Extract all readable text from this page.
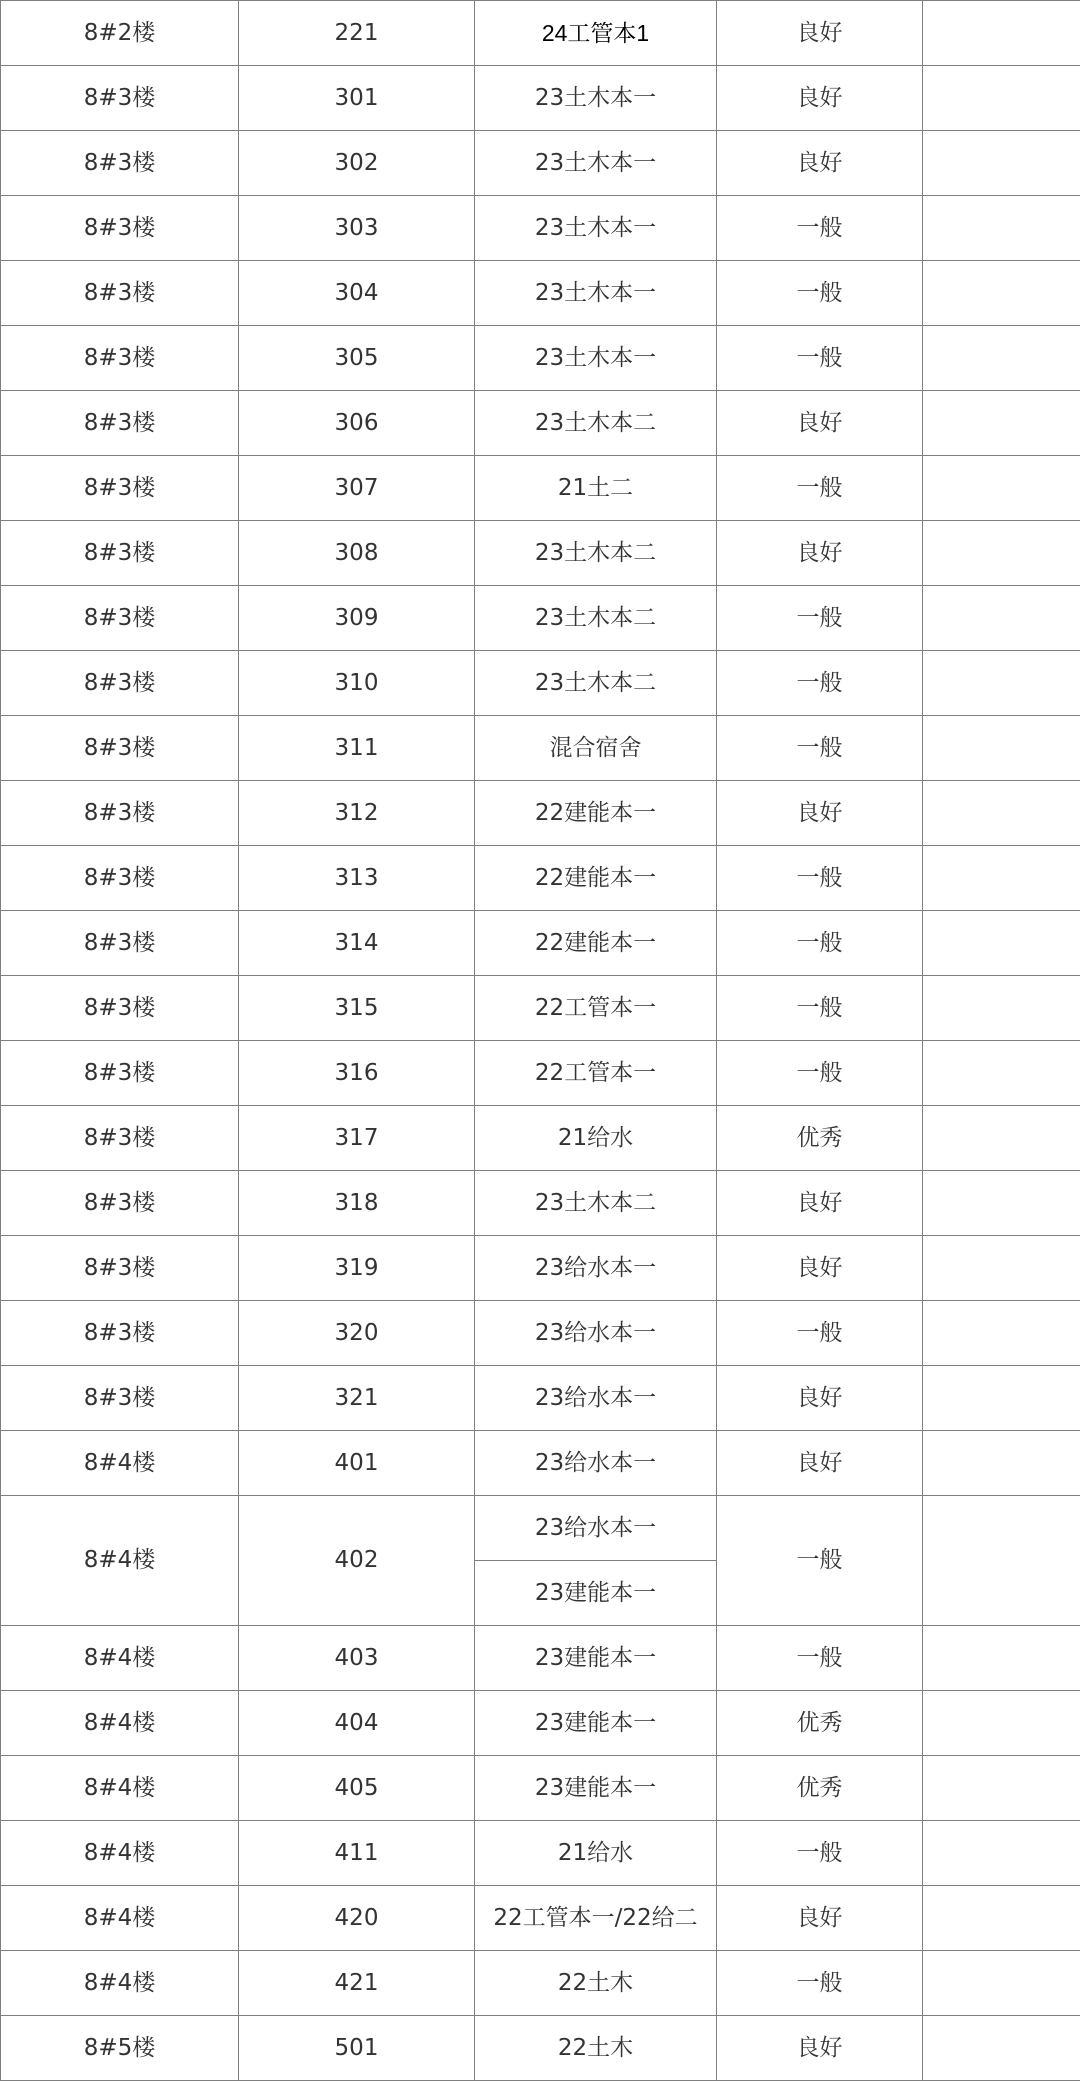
8#2楼	221	24工管本1	良好	
8#3楼	301	23土木本一	良好	
8#3楼	302	23土木本一	良好	
8#3楼	303	23土木本一	一般	
8#3楼	304	23土木本一	一般	
8#3楼	305	23土木本一	一般	
8#3楼	306	23土木本二	良好	
8#3楼	307	21土二	一般	
8#3楼	308	23土木本二	良好	
8#3楼	309	23土木本二	一般	
8#3楼	310	23土木本二	一般	
8#3楼	311	混合宿舍	一般	
8#3楼	312	22建能本一	良好	
8#3楼	313	22建能本一	一般	
8#3楼	314	22建能本一	一般	
8#3楼	315	22工管本一	一般	
8#3楼	316	22工管本一	一般	
8#3楼	317	21给水	优秀	
8#3楼	318	23土木本二	良好	
8#3楼	319	23给水本一	良好	
8#3楼	320	23给水本一	一般	
8#3楼	321	23给水本一	良好	
8#4楼	401	23给水本一	良好	
8#4楼	402	23给水本一	一般	
		23建能本一		
8#4楼	403	23建能本一	一般	
8#4楼	404	23建能本一	优秀	
8#4楼	405	23建能本一	优秀	
8#4楼	411	21给水	一般	
8#4楼	420	22工管本一/22给二	良好	
8#4楼	421	22土木	一般	
8#5楼	501	22土木	良好	
